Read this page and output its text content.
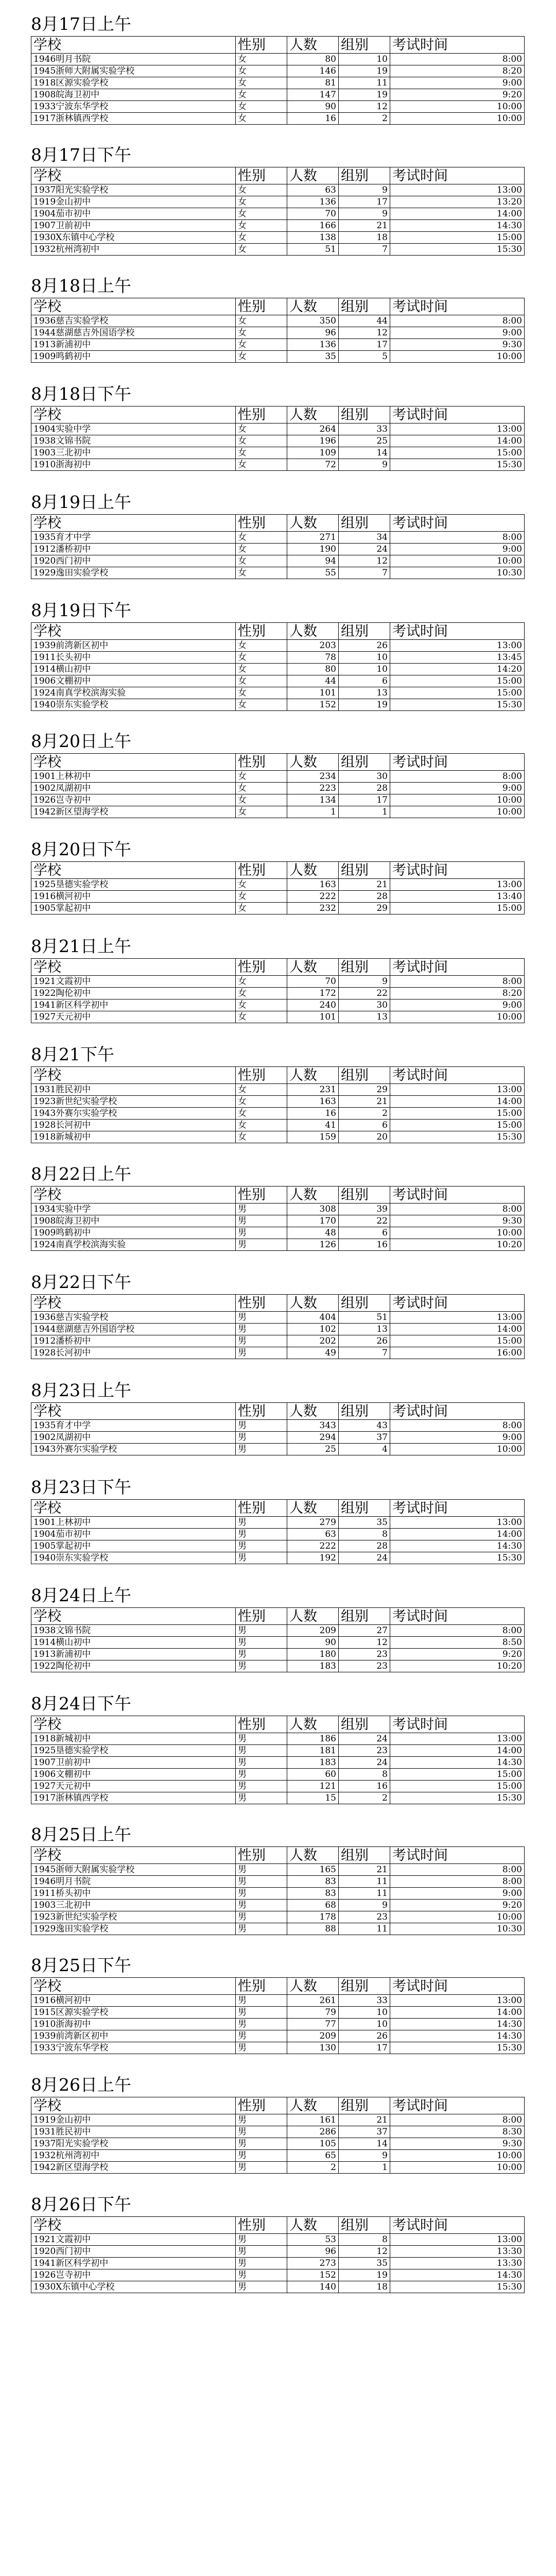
8月17日上午
学校	性别	人数	组别	考试时间
1946明月书院	女	80	10	8:00
1945浙师大附属实验学校	女	146	19	8:20
1918区源实验学校	女	81	11	9:00
1908皖海卫初中	女	147	19	9:20
1933宁波东华学校	女	90	12	10:00
1917浙林镇西学校	女	16	2	10:00
8月17日下午
学校	性别	人数	组别	考试时间
1937阳光实验学校	女	63	9	13:00
1919金山初中	女	136	17	13:20
1904茄市初中	女	70	9	14:00
1907卫前初中	女	166	21	14:30
1930Ⅹ东镇中心学校	女	138	18	15:00
1932杭州湾初中	女	51	7	15:30
8月18日上午
学校	性别	人数	组别	考试时间
1936慈吉实验学校	女	350	44	8:00
1944慈湖慈吉外国语学校	女	96	12	9:00
1913新浦初中	女	136	17	9:30
1909鸣鹤初中	女	35	5	10:00
8月18日下午
学校	性别	人数	组别	考试时间
1904实验中学	女	264	33	13:00
1938文锦书院	女	196	25	14:00
1903三北初中	女	109	14	15:00
1910浙海初中	女	72	9	15:30
8月19日上午
学校	性别	人数	组别	考试时间
1935育才中学	女	271	34	8:00
1912潘桥初中	女	190	24	9:00
1920西门初中	女	94	12	10:00
1929逸田实验学校	女	55	7	10:30
8月19日下午
学校	性别	人数	组别	考试时间
1939前湾新区初中	女	203	26	13:00
1911长头初中	女	78	10	13:45
1914横山初中	女	80	10	14:20
1906文棚初中	女	44	6	15:00
1924南真学校滨海实验	女	101	13	15:00
1940崇东实验学校	女	152	19	15:30
8月20日上午
学校	性别	人数	组别	考试时间
1901上林初中	女	234	30	8:00
1902凤湖初中	女	223	28	9:00
1926岂寺初中	女	134	17	10:00
1942新区望海学校	女	1	1	10:00
8月20日下午
学校	性别	人数	组别	考试时间
1925垦德实验学校	女	163	21	13:00
1916横河初中	女	222	28	13:40
1905掌起初中	女	232	29	15:00
8月21日上午
学校	性别	人数	组别	考试时间
1921文霞初中	女	70	9	8:00
1922陶伦初中	女	172	22	8:20
1941新区科学初中	女	240	30	9:00
1927天元初中	女	101	13	10:00
8月21下午
学校	性别	人数	组别	考试时间
1931胜民初中	女	231	29	13:00
1923新世纪实验学校	女	163	21	14:00
1943外赛尔实验学校	女	16	2	15:00
1928长河初中	女	41	6	15:00
1918新城初中	女	159	20	15:30
8月22日上午
学校	性别	人数	组别	考试时间
1934实验中学	男	308	39	8:00
1908皖海卫初中	男	170	22	9:30
1909鸣鹤初中	男	48	6	10:00
1924南真学校滨海实验	男	126	16	10:20
8月22日下午
学校	性别	人数	组别	考试时间
1936慈吉实验学校	男	404	51	13:00
1944慈湖慈吉外国语学校	男	102	13	14:00
1912潘桥初中	男	202	26	15:00
1928长河初中	男	49	7	16:00
8月23日上午
学校	性别	人数	组别	考试时间
1935育才中学	男	343	43	8:00
1902凤湖初中	男	294	37	9:00
1943外赛尔实验学校	男	25	4	10:00
8月23日下午
学校	性别	人数	组别	考试时间
1901上林初中	男	279	35	13:00
1904茄市初中	男	63	8	14:00
1905掌起初中	男	222	28	14:30
1940崇东实验学校	男	192	24	15:30
8月24日上午
学校	性别	人数	组别	考试时间
1938文锦书院	男	209	27	8:00
1914横山初中	男	90	12	8:50
1913新浦初中	男	180	23	9:20
1922陶伦初中	男	183	23	10:20
8月24日下午
学校	性别	人数	组别	考试时间
1918新城初中	男	186	24	13:00
1925垦德实验学校	男	181	23	14:00
1907卫前初中	男	183	24	14:30
1906文棚初中	男	60	8	15:00
1927天元初中	男	121	16	15:00
1917浙林镇西学校	男	15	2	15:30
8月25日上午
学校	性别	人数	组别	考试时间
1945浙师大附属实验学校	男	165	21	8:00
1946明月书院	男	83	11	8:00
1911桥头初中	男	83	11	9:00
1903三北初中	男	68	9	9:20
1923新世纪实验学校	男	178	23	10:00
1929逸田实验学校	男	88	11	10:30
8月25日下午
学校	性别	人数	组别	考试时间
1916横河初中	男	261	33	13:00
1915区源实验学校	男	79	10	14:00
1910浙海初中	男	77	10	14:30
1939前湾新区初中	男	209	26	14:30
1933宁波东华学校	男	130	17	15:30
8月26日上午
学校	性别	人数	组别	考试时间
1919金山初中	男	161	21	8:00
1931胜民初中	男	286	37	8:30
1937阳光实验学校	男	105	14	9:30
1932杭州湾初中	男	65	9	10:00
1942新区望海学校	男	2	1	10:00
8月26日下午
学校	性别	人数	组别	考试时间
1921文霞初中	男	53	8	13:00
1920西门初中	男	96	12	13:30
1941新区科学初中	男	273	35	13:30
1926岂寺初中	男	152	19	14:30
1930Ⅹ东镇中心学校	男	140	18	15:30
